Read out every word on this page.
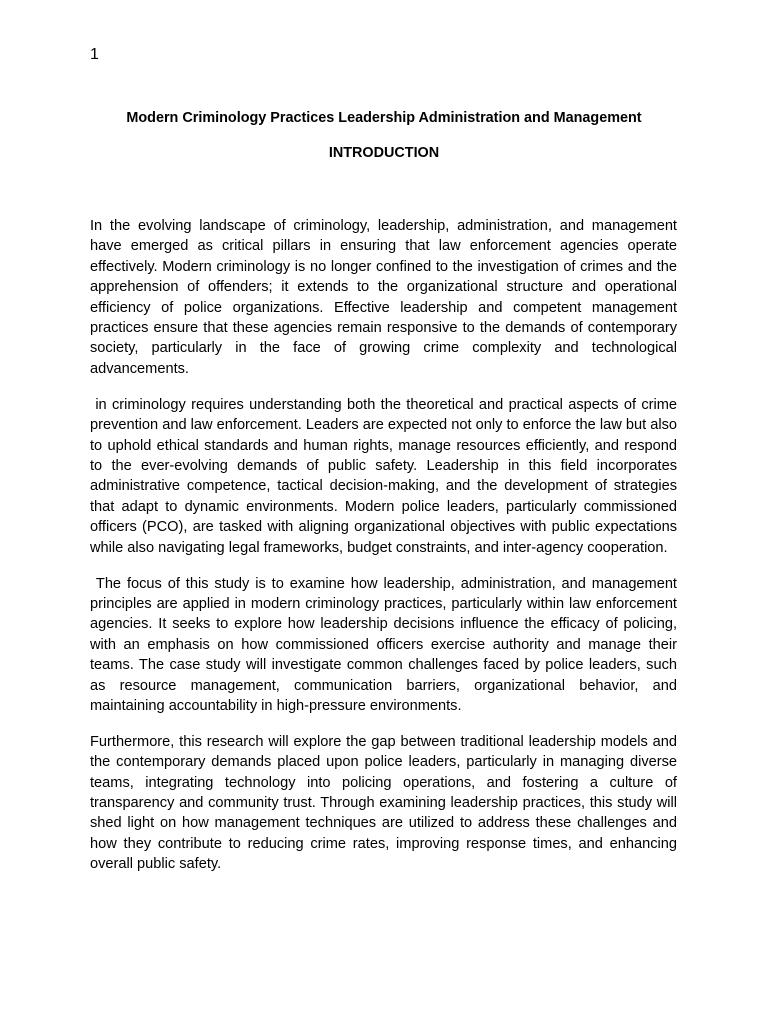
1
Modern Criminology Practices Leadership Administration and Management
INTRODUCTION

In the evolving landscape of criminology, leadership, administration, and management have emerged as critical pillars in ensuring that law enforcement agencies operate effectively. Modern criminology is no longer confined to the investigation of crimes and the apprehension of offenders; it extends to the organizational structure and operational efficiency of police organizations. Effective leadership and competent management practices ensure that these agencies remain responsive to the demands of contemporary society, particularly in the face of growing crime complexity and technological advancements.

in criminology requires understanding both the theoretical and practical aspects of crime prevention and law enforcement. Leaders are expected not only to enforce the law but also to uphold ethical standards and human rights, manage resources efficiently, and respond to the ever-evolving demands of public safety. Leadership in this field incorporates administrative competence, tactical decision-making, and the development of strategies that adapt to dynamic environments. Modern police leaders, particularly commissioned officers (PCO), are tasked with aligning organizational objectives with public expectations while also navigating legal frameworks, budget constraints, and inter-agency cooperation.

The focus of this study is to examine how leadership, administration, and management principles are applied in modern criminology practices, particularly within law enforcement agencies. It seeks to explore how leadership decisions influence the efficacy of policing, with an emphasis on how commissioned officers exercise authority and manage their teams. The case study will investigate common challenges faced by police leaders, such as resource management, communication barriers, organizational behavior, and maintaining accountability in high-pressure environments.

Furthermore, this research will explore the gap between traditional leadership models and the contemporary demands placed upon police leaders, particularly in managing diverse teams, integrating technology into policing operations, and fostering a culture of transparency and community trust. Through examining leadership practices, this study will shed light on how management techniques are utilized to address these challenges and how they contribute to reducing crime rates, improving response times, and enhancing overall public safety.
